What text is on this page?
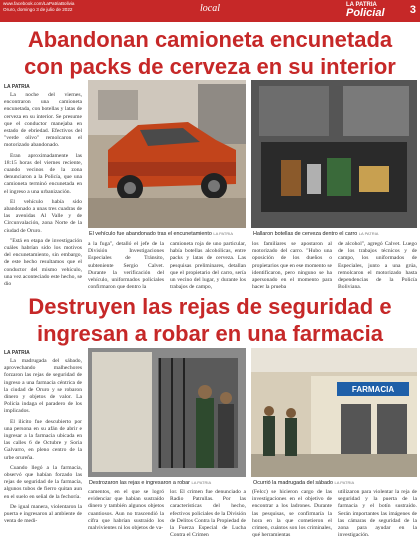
www.facebook.com/LaPatriaBolivia
Oruro, domingo 3 de julio de 2022	local	LA PATRIA
Policial	3
Abandonan camioneta encunetada
con packs de cerveza en su interior
LA PATRIA

La noche del viernes, encontraron una camioneta encunetada, con botellas y latas de cerveza en su interior. Se presume que el conductor manejaba en estado de ebriedad. Efectivos del "verde olivo" remolcaron el motorizado abandonado.

Eran aproximadamente las 18:15 horas del viernes reciente, cuando vecinos de la zona denunciaron a la Policía, que una camioneta terminó encunetada en el ingreso a una urbanización.

El vehículo había sido abandonado a unas tres cuadras de las avenidas Al Valle y de Circunvalación, zona Norte de la ciudad de Oruro.

"Está en etapa de investigación cuáles habrían sido los motivos del encunetamiento, sin embargo, de este hecho resultamos que el conductor del mismo vehículo, una vez aconteciado este hecho, se dio

El vehículo fue abandonado tras el encunetamiento LA PATRIA	Hallaron botellas de cerveza dentro el carro LA PATRIA
a la fuga", detalló el jefe de la División Investigaciones Especiales de Tránsito, subteniente Sergio Calvet. Durante la verificación del vehículo, uniformados policiales confirmaron que dentro la
camioneta roja de uno particular, había botellas alcohólicas, entre packs y latas de cerveza. Las pesquisas preliminares, detallan que el propietario del carro, sería un vecino del lugar, y durante los trabajos de campo,
los familiares se apostaron al motorizado del carro. "Hubo una oposición de los dueños o propietarios que en ese momento se identificaron, pero ninguno se ha apersonado en el momento para hacer la prueba
de alcohol", agregó Calvet. Luego de los trabajos técnicos y de campo, los uniformados de Especiales, junto a una grúa, remolcaron el motorizado hasta dependencias de la Policía Boliviana.
Destruyen las rejas de seguridad e
ingresan a robar en una farmacia
LA PATRIA

La madrugada del sábado, aprovechando malhechores forzaron las rejas de seguridad de ingreso a una farmacia céntrica de la ciudad de Oruro y se robaron dinero y objetos de valor. La Policía indaga el paradero de los implicados.

El ilícito fue descubierto por una persona en su afán de abrir e ingresar a la farmacia ubicada en las calles 6 de Octubre y Soria Galvarro, en pleno centro de la urbe orureña.

Cuando llegó a la farmacia, observó que habían forzado las rejas de seguridad de la farmacia, algunos tubos de fierro quitan aun en el suelo en señal de la fechoría.

De igual manera, violentaron la puerta e ingresaron al ambiente de venta de medi-

Destrozaron las rejas e ingresaron a robar LA PATRIA
FARMACIA
Ocurrió la madrugada del sábado LA PATRIA
camentos, en el que se logró evidenciar que habían sustraído dinero y también algunos objetos cuantiosos. Aun no trascendió la cifra que habrían sustraído los malvivientes ni los objetos de va-
lor. El crimen fue denunciado a Radio Patrullas. Por las características del hecho, efectivos policiales de la División de Delitos Contra la Propiedad de la Fuerza Especial de Lucha Contra el Crimen
(Felcc) se hicieron cargo de las investigaciones en el objetivo de encontrar a los ladrones. Durante las pesquisas, se confirmaría la hora en la que cometieron el crimen, cuántos son los criminales, qué herramientas
utilizaron para violentar la reja de seguridad y la puerta de la farmacia y el botín sustraído. Serán importantes las imágenes de las cámaras de seguridad de la zona para ayudar en la investigación.
